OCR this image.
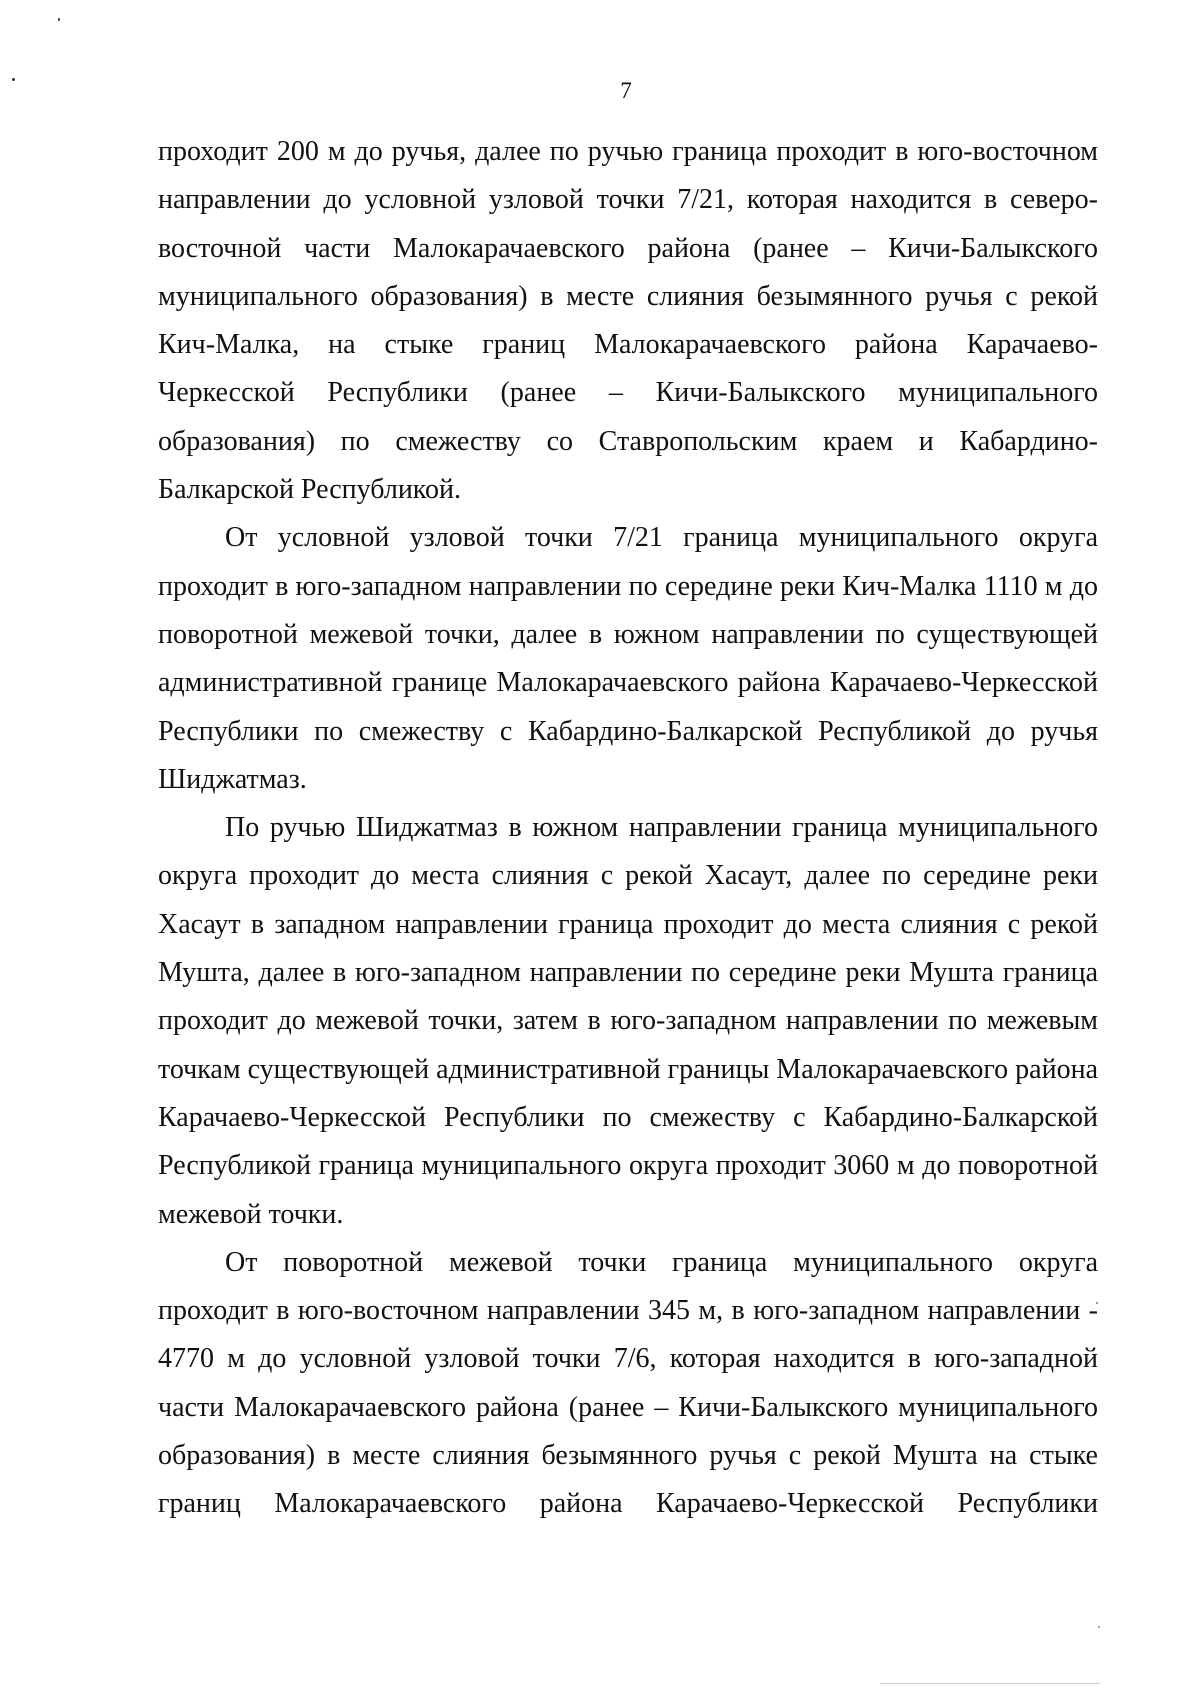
7

проходит 200 м до ручья, далее по ручью граница проходит в юго-восточном направлении до условной узловой точки 7/21, которая находится в северо-восточной части Малокарачаевского района (ранее – Кичи-Балыкского муниципального образования) в месте слияния безымянного ручья с рекой Кич-Малка, на стыке границ Малокарачаевского района Карачаево-Черкесской Республики (ранее – Кичи-Балыкского муниципального образования) по смежеству со Ставропольским краем и Кабардино-Балкарской Республикой.

От условной узловой точки 7/21 граница муниципального округа проходит в юго-западном направлении по середине реки Кич-Малка 1110 м до поворотной межевой точки, далее в южном направлении по существующей административной границе Малокарачаевского района Карачаево-Черкесской Республики по смежеству с Кабардино-Балкарской Республикой до ручья Шиджатмаз.

По ручью Шиджатмаз в южном направлении граница муниципального округа проходит до места слияния с рекой Хасаут, далее по середине реки Хасаут в западном направлении граница проходит до места слияния с рекой Мушта, далее в юго-западном направлении по середине реки Мушта граница проходит до межевой точки, затем в юго-западном направлении по межевым точкам существующей административной границы Малокарачаевского района Карачаево-Черкесской Республики по смежеству с Кабардино-Балкарской Республикой граница муниципального округа проходит 3060 м до поворотной межевой точки.

От поворотной межевой точки граница муниципального округа проходит в юго-восточном направлении 345 м, в юго-западном направлении - 4770 м до условной узловой точки 7/6, которая находится в юго-западной части Малокарачаевского района (ранее – Кичи-Балыкского муниципального образования) в месте слияния безымянного ручья с рекой Мушта на стыке границ Малокарачаевского района Карачаево-Черкесской Республики
